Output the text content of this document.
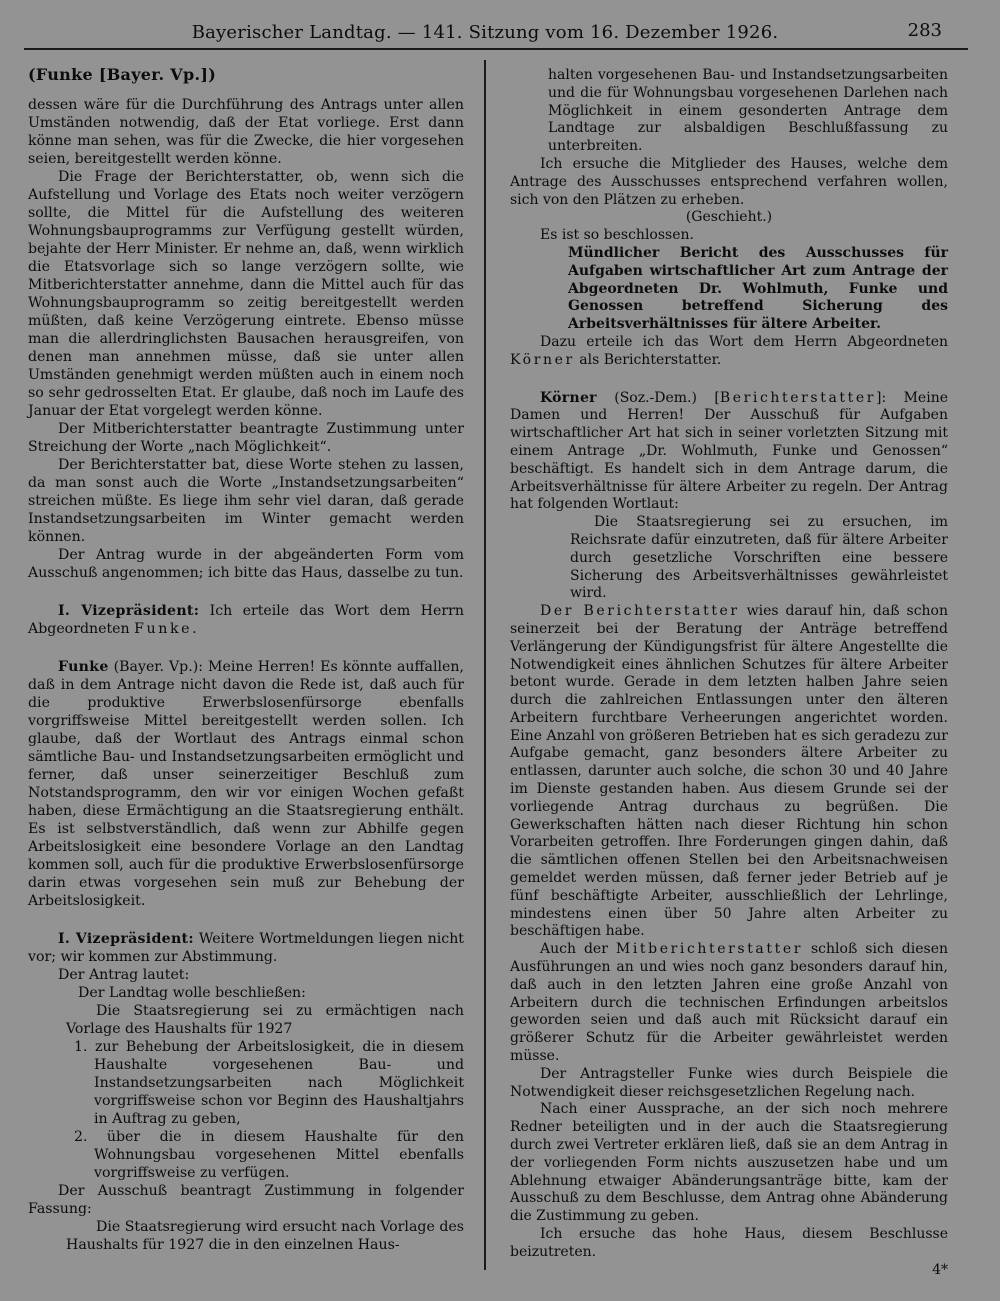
Bayerischer Landtag. — 141. Sitzung vom 16. Dezember 1926.	283

(Funke [Bayer. Vp.])

dessen wäre für die Durchführung des Antrags unter allen Umständen notwendig, daß der Etat vorliege. Erst dann könne man sehen, was für die Zwecke, die hier vorgesehen seien, bereitgestellt werden könne.

Die Frage der Berichterstatter, ob, wenn sich die Aufstellung und Vorlage des Etats noch weiter verzögern sollte, die Mittel für die Aufstellung des weiteren Wohnungsbauprogramms zur Verfügung gestellt würden, bejahte der Herr Minister. Er nehme an, daß, wenn wirklich die Etatsvorlage sich so lange verzögern sollte, wie Mitberichterstatter annehme, dann die Mittel auch für das Wohnungsbauprogramm so zeitig bereitgestellt werden müßten, daß keine Verzögerung eintrete. Ebenso müsse man die allerdringlichsten Bausachen herausgreifen, von denen man annehmen müsse, daß sie unter allen Umständen genehmigt werden müßten auch in einem noch so sehr gedrosselten Etat. Er glaube, daß noch im Laufe des Januar der Etat vorgelegt werden könne.

Der Mitberichterstatter beantragte Zustimmung unter Streichung der Worte „nach Möglichkeit“.

Der Berichterstatter bat, diese Worte stehen zu lassen, da man sonst auch die Worte „Instandsetzungsarbeiten“ streichen müßte. Es liege ihm sehr viel daran, daß gerade Instandsetzungsarbeiten im Winter gemacht werden können.

Der Antrag wurde in der abgeänderten Form vom Ausschuß angenommen; ich bitte das Haus, dasselbe zu tun.

I. Vizepräsident: Ich erteile das Wort dem Herrn Abgeordneten Funke.

Funke (Bayer. Vp.): Meine Herren! Es könnte auffallen, daß in dem Antrage nicht davon die Rede ist, daß auch für die produktive Erwerbslosenfürsorge ebenfalls vorgriffsweise Mittel bereitgestellt werden sollen. Ich glaube, daß der Wortlaut des Antrags einmal schon sämtliche Bau- und Instandsetzungsarbeiten ermöglicht und ferner, daß unser seinerzeitiger Beschluß zum Notstandsprogramm, den wir vor einigen Wochen gefaßt haben, diese Ermächtigung an die Staatsregierung enthält. Es ist selbstverständlich, daß wenn zur Abhilfe gegen Arbeitslosigkeit eine besondere Vorlage an den Landtag kommen soll, auch für die produktive Erwerbslosenfürsorge darin etwas vorgesehen sein muß zur Behebung der Arbeitslosigkeit.

I. Vizepräsident: Weitere Wortmeldungen liegen nicht vor; wir kommen zur Abstimmung.

Der Antrag lautet:

Der Landtag wolle beschließen:

Die Staatsregierung sei zu ermächtigen nach Vorlage des Haushalts für 1927

1. zur Behebung der Arbeitslosigkeit, die in diesem Haushalte vorgesehenen Bau- und Instandsetzungsarbeiten nach Möglichkeit vorgriffsweise schon vor Beginn des Haushaltjahrs in Auftrag zu geben,

2. über die in diesem Haushalte für den Wohnungsbau vorgesehenen Mittel ebenfalls vorgriffsweise zu verfügen.

Der Ausschuß beantragt Zustimmung in folgender Fassung:

Die Staatsregierung wird ersucht nach Vorlage des Haushalts für 1927 die in den einzelnen Haus-

halten vorgesehenen Bau- und Instandsetzungsarbeiten und die für Wohnungsbau vorgesehenen Darlehen nach Möglichkeit in einem gesonderten Antrage dem Landtage zur alsbaldigen Beschlußfassung zu unterbreiten.

Ich ersuche die Mitglieder des Hauses, welche dem Antrage des Ausschusses entsprechend verfahren wollen, sich von den Plätzen zu erheben.

(Geschieht.)

Es ist so beschlossen.

Mündlicher Bericht des Ausschusses für Aufgaben wirtschaftlicher Art zum Antrage der Abgeordneten Dr. Wohlmuth, Funke und Genossen betreffend Sicherung des Arbeitsverhältnisses für ältere Arbeiter.

Dazu erteile ich das Wort dem Herrn Abgeordneten Körner als Berichterstatter.

Körner (Soz.-Dem.) [Berichterstatter]: Meine Damen und Herren! Der Ausschuß für Aufgaben wirtschaftlicher Art hat sich in seiner vorletzten Sitzung mit einem Antrage „Dr. Wohlmuth, Funke und Genossen“ beschäftigt. Es handelt sich in dem Antrage darum, die Arbeitsverhältnisse für ältere Arbeiter zu regeln. Der Antrag hat folgenden Wortlaut:

Die Staatsregierung sei zu ersuchen, im Reichsrate dafür einzutreten, daß für ältere Arbeiter durch gesetzliche Vorschriften eine bessere Sicherung des Arbeitsverhältnisses gewährleistet wird.

Der Berichterstatter wies darauf hin, daß schon seinerzeit bei der Beratung der Anträge betreffend Verlängerung der Kündigungsfrist für ältere Angestellte die Notwendigkeit eines ähnlichen Schutzes für ältere Arbeiter betont wurde. Gerade in dem letzten halben Jahre seien durch die zahlreichen Entlassungen unter den älteren Arbeitern furchtbare Verheerungen angerichtet worden. Eine Anzahl von größeren Betrieben hat es sich geradezu zur Aufgabe gemacht, ganz besonders ältere Arbeiter zu entlassen, darunter auch solche, die schon 30 und 40 Jahre im Dienste gestanden haben. Aus diesem Grunde sei der vorliegende Antrag durchaus zu begrüßen. Die Gewerkschaften hätten nach dieser Richtung hin schon Vorarbeiten getroffen. Ihre Forderungen gingen dahin, daß die sämtlichen offenen Stellen bei den Arbeitsnachweisen gemeldet werden müssen, daß ferner jeder Betrieb auf je fünf beschäftigte Arbeiter, ausschließlich der Lehrlinge, mindestens einen über 50 Jahre alten Arbeiter zu beschäftigen habe.

Auch der Mitberichterstatter schloß sich diesen Ausführungen an und wies noch ganz besonders darauf hin, daß auch in den letzten Jahren eine große Anzahl von Arbeitern durch die technischen Erfindungen arbeitslos geworden seien und daß auch mit Rücksicht darauf ein größerer Schutz für die Arbeiter gewährleistet werden müsse.

Der Antragsteller Funke wies durch Beispiele die Notwendigkeit dieser reichsgesetzlichen Regelung nach.

Nach einer Aussprache, an der sich noch mehrere Redner beteiligten und in der auch die Staatsregierung durch zwei Vertreter erklären ließ, daß sie an dem Antrag in der vorliegenden Form nichts auszusetzen habe und um Ablehnung etwaiger Abänderungsanträge bitte, kam der Ausschuß zu dem Beschlusse, dem Antrag ohne Abänderung die Zustimmung zu geben.

Ich ersuche das hohe Haus, diesem Beschlusse beizutreten.

4*
